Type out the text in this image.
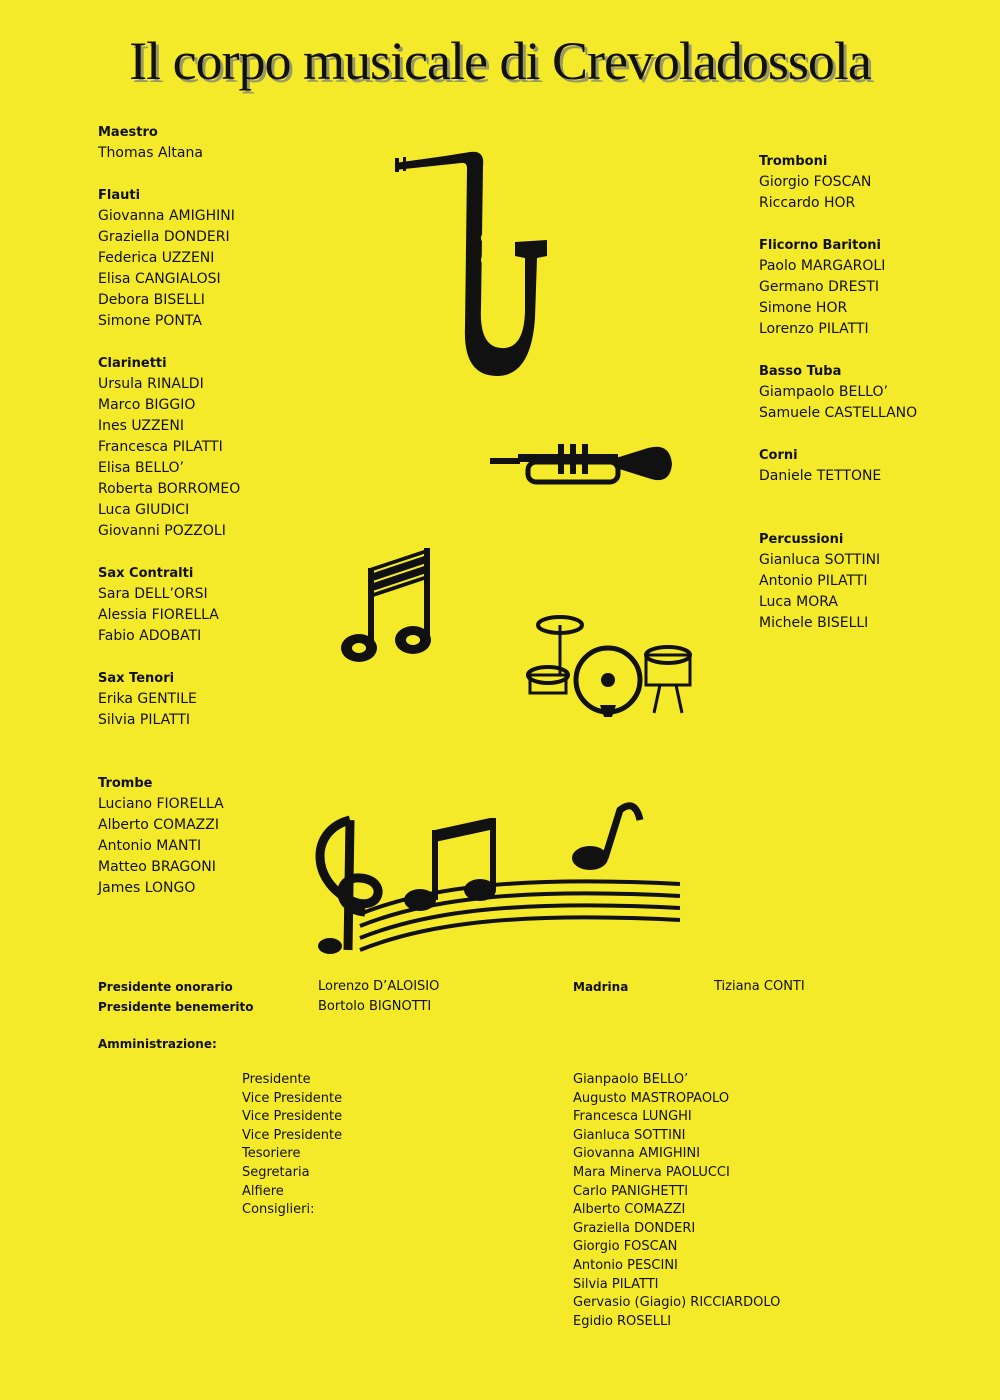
Il corpo musicale di Crevoladossola
Maestro
Thomas Altana
Flauti
Giovanna AMIGHINI
Graziella DONDERI
Federica UZZENI
Elisa CANGIALOSI
Debora BISELLI
Simone PONTA
Clarinetti
Ursula RINALDI
Marco BIGGIO
Ines UZZENI
Francesca PILATTI
Elisa BELLO’
Roberta BORROMEO
Luca GIUDICI
Giovanni POZZOLI
Sax Contralti
Sara DELL’ORSI
Alessia FIORELLA
Fabio ADOBATI
Sax Tenori
Erika GENTILE
Silvia PILATTI
Trombe
Luciano FIORELLA
Alberto COMAZZI
Antonio MANTI
Matteo BRAGONI
James LONGO
Tromboni
Giorgio FOSCAN
Riccardo HOR
Flicorno Baritoni
Paolo MARGAROLI
Germano DRESTI
Simone HOR
Lorenzo PILATTI
Basso Tuba
Giampaolo BELLO’
Samuele CASTELLANO
Corni
Daniele TETTONE
Percussioni
Gianluca SOTTINI
Antonio PILATTI
Luca MORA
Michele BISELLI
Presidente onorario
Presidente benemerito
Lorenzo D’ALOISIO
Bortolo BIGNOTTI
Madrina	Tiziana CONTI
Amministrazione:
Presidente
Vice Presidente
Vice Presidente
Vice Presidente
Tesoriere
Segretaria
Alfiere
Consiglieri:
Gianpaolo BELLO’
Augusto MASTROPAOLO
Francesca LUNGHI
Gianluca SOTTINI
Giovanna AMIGHINI
Mara Minerva PAOLUCCI
Carlo PANIGHETTI
Alberto COMAZZI
Graziella DONDERI
Giorgio FOSCAN
Antonio PESCINI
Silvia PILATTI
Gervasio (Giagio) RICCIARDOLO
Egidio ROSELLI
